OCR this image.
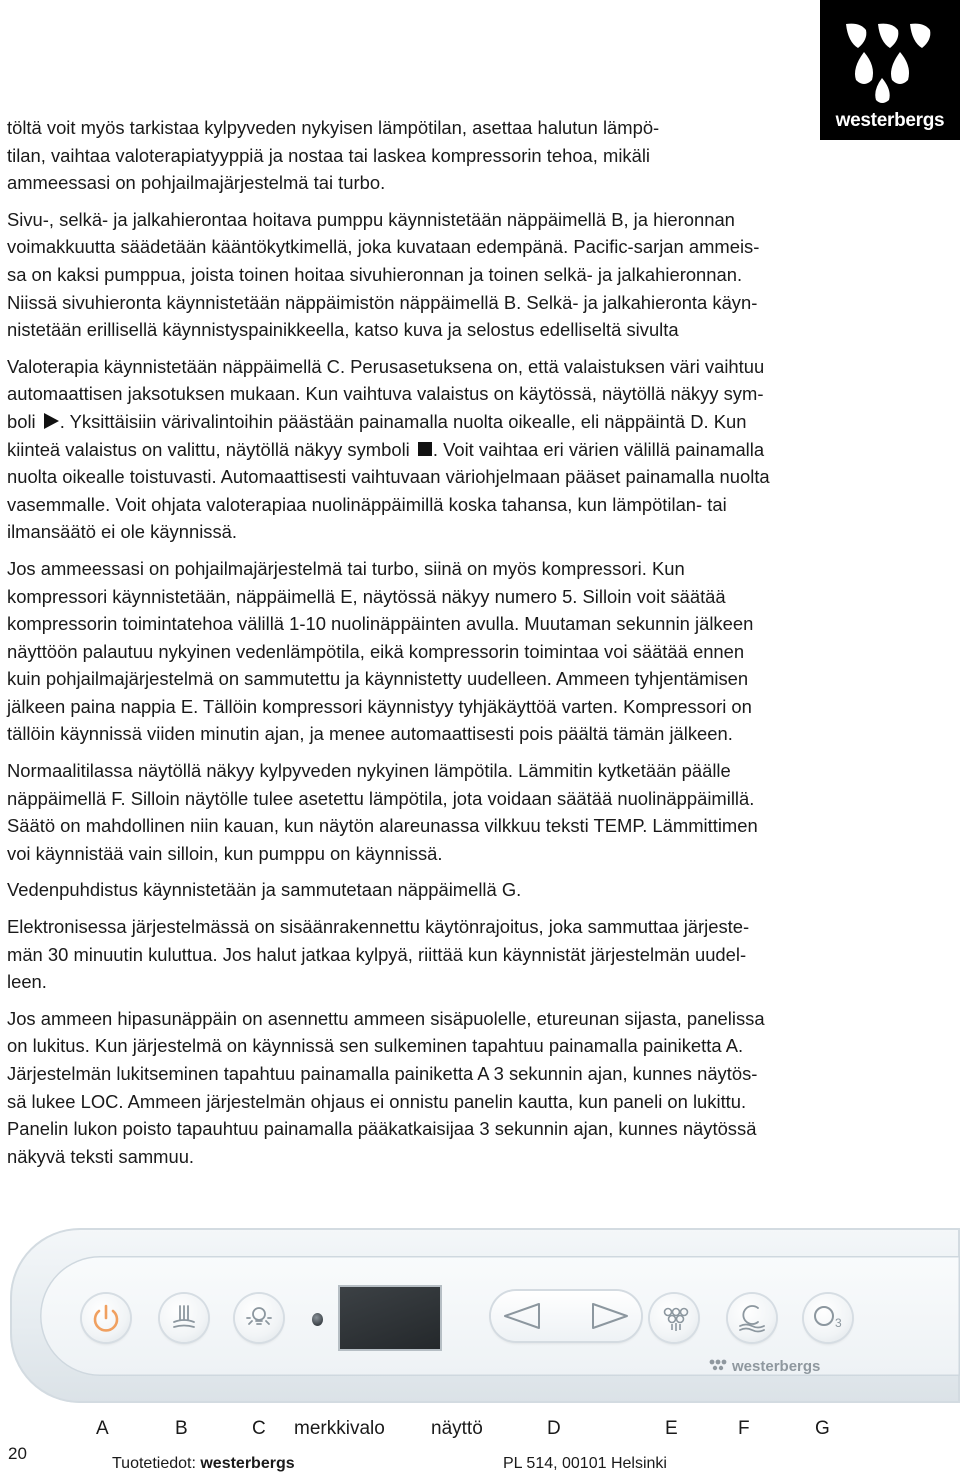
westerbergs
töltä voit myös tarkistaa kylpyveden nykyisen lämpötilan, asettaa halutun lämpö-
tilan, vaihtaa valoterapiatyyppiä ja nostaa tai laskea kompressorin tehoa, mikäli
ammeessasi on pohjailmajärjestelmä tai turbo.
Sivu-, selkä- ja jalkahierontaa hoitava pumppu käynnistetään näppäimellä B, ja hieronnan
voimakkuutta säädetään kääntökytkimellä, joka kuvataan edempänä. Pacific-sarjan ammeis-
sa on kaksi pumppua, joista toinen hoitaa sivuhieronnan ja toinen selkä- ja jalkahieronnan.
Niissä sivuhieronta käynnistetään näppäimistön näppäimellä B. Selkä- ja jalkahieronta käyn-
nistetään erillisellä käynnistyspainikkeella, katso kuva ja selostus edelliseltä sivulta
Valoterapia käynnistetään näppäimellä C. Perusasetuksena on, että valaistuksen väri vaihtuu
automaattisen jaksotuksen mukaan. Kun vaihtuva valaistus on käytössä, näytöllä näkyy sym-
boli . Yksittäisiin värivalintoihin päästään painamalla nuolta oikealle, eli näppäintä D. Kun
kiinteä valaistus on valittu, näytöllä näkyy symboli . Voit vaihtaa eri värien välillä painamalla
nuolta oikealle toistuvasti. Automaattisesti vaihtuvaan väriohjelmaan pääset painamalla nuolta
vasemmalle. Voit ohjata valoterapiaa nuolinäppäimillä koska tahansa, kun lämpötilan- tai
ilmansäätö ei ole käynnissä.
Jos ammeessasi on pohjailmajärjestelmä tai turbo, siinä on myös kompressori. Kun
kompressori käynnistetään, näppäimellä E, näytössä näkyy numero 5. Silloin voit säätää
kompressorin toimintatehoa välillä 1-10 nuolinäppäinten avulla. Muutaman sekunnin jälkeen
näyttöön palautuu nykyinen vedenlämpötila, eikä kompressorin toimintaa voi säätää ennen
kuin pohjailmajärjestelmä on sammutettu ja käynnistetty uudelleen. Ammeen tyhjentämisen
jälkeen paina nappia E. Tällöin kompressori käynnistyy tyhjäkäyttöä varten. Kompressori on
tällöin käynnissä viiden minutin ajan, ja menee automaattisesti pois päältä tämän jälkeen.
Normaalitilassa näytöllä näkyy kylpyveden nykyinen lämpötila. Lämmitin kytketään päälle
näppäimellä F. Silloin näytölle tulee asetettu lämpötila, jota voidaan säätää nuolinäppäimillä.
Säätö on mahdollinen niin kauan, kun näytön alareunassa vilkkuu teksti TEMP. Lämmittimen
voi käynnistää vain silloin, kun pumppu on käynnissä.
Vedenpuhdistus käynnistetään ja sammutetaan näppäimellä G.
Elektronisessa järjestelmässä on sisäänrakennettu käytönrajoitus, joka sammuttaa järjeste-
män 30 minuutin kuluttua. Jos halut jatkaa kylpyä, riittää kun käynnistät järjestelmän uudel-
leen.
Jos ammeen hipasunäppäin on asennettu ammeen sisäpuolelle, etureunan sijasta, panelissa
on lukitus. Kun järjestelmä on käynnissä sen sulkeminen tapahtuu painamalla painiketta A.
Järjestelmän lukitseminen tapahtuu painamalla painiketta A 3 sekunnin ajan, kunnes näytös-
sä lukee LOC. Ammeen järjestelmän ohjaus ei onnistu panelin kautta, kun paneli on lukittu.
Panelin lukon poisto tapauhtuu painamalla pääkatkaisijaa 3 sekunnin ajan, kunnes näytössä
näkyvä teksti sammuu.
3
westerbergs
A	B	C merkkivalo näyttö	D	E	F	G
20
Tuotetiedot: westerbergs	PL 514, 00101 Helsinki
